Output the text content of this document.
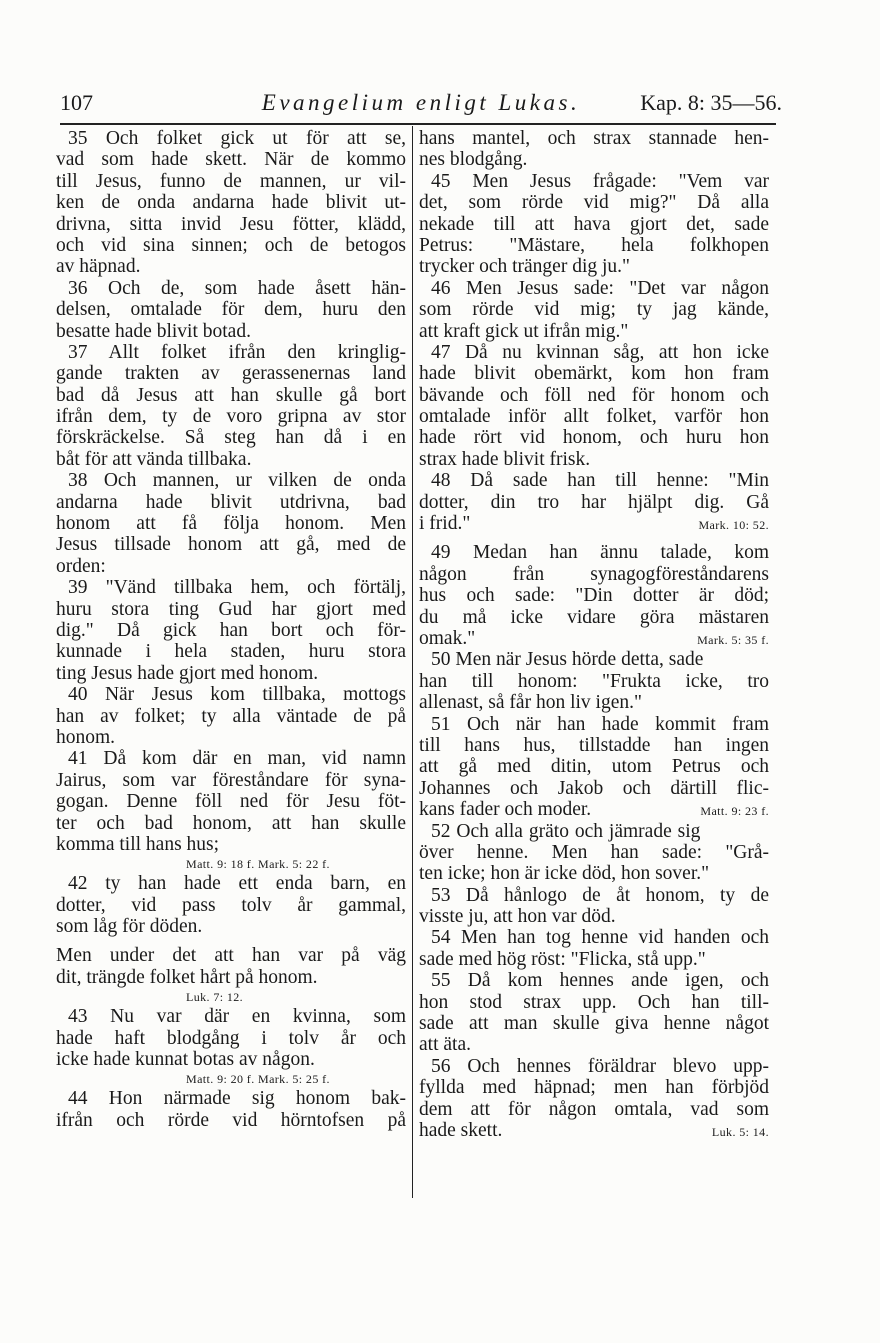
107	Evangelium enligt Lukas.	Kap. 8: 35—56.
35 Och folket gick ut för att se,
vad som hade skett. När de kommo
till Jesus, funno de mannen, ur vil-
ken de onda andarna hade blivit ut-
drivna, sitta invid Jesu fötter, klädd,
och vid sina sinnen; och de betogos
av häpnad.
36 Och de, som hade åsett hän-
delsen, omtalade för dem, huru den
besatte hade blivit botad.
37 Allt folket ifrån den kringlig-
gande trakten av gerassenernas land
bad då Jesus att han skulle gå bort
ifrån dem, ty de voro gripna av stor
förskräckelse. Så steg han då i en
båt för att vända tillbaka.
38 Och mannen, ur vilken de onda
andarna hade blivit utdrivna, bad
honom att få följa honom. Men
Jesus tillsade honom att gå, med de
orden:
39 "Vänd tillbaka hem, och förtälj,
huru stora ting Gud har gjort med
dig." Då gick han bort och för-
kunnade i hela staden, huru stora
ting Jesus hade gjort med honom.
40 När Jesus kom tillbaka, mottogs
han av folket; ty alla väntade de på
honom.
41 Då kom där en man, vid namn
Jairus, som var föreståndare för syna-
gogan. Denne föll ned för Jesu föt-
ter och bad honom, att han skulle
komma till hans hus;
Matt. 9: 18 f. Mark. 5: 22 f.
42 ty han hade ett enda barn, en
dotter, vid pass tolv år gammal,
som låg för döden.
Men under det att han var på väg
dit, trängde folket hårt på honom.
Luk. 7: 12.
43 Nu var där en kvinna, som
hade haft blodgång i tolv år och
icke hade kunnat botas av någon.
Matt. 9: 20 f. Mark. 5: 25 f.
44 Hon närmade sig honom bak-
ifrån och rörde vid hörntofsen på
hans mantel, och strax stannade hen-
nes blodgång.
45 Men Jesus frågade: "Vem var
det, som rörde vid mig?" Då alla
nekade till att hava gjort det, sade
Petrus: "Mästare, hela folkhopen
trycker och tränger dig ju."
46 Men Jesus sade: "Det var någon
som rörde vid mig; ty jag kände,
att kraft gick ut ifrån mig."
47 Då nu kvinnan såg, att hon icke
hade blivit obemärkt, kom hon fram
bävande och föll ned för honom och
omtalade inför allt folket, varför hon
hade rört vid honom, och huru hon
strax hade blivit frisk.
48 Då sade han till henne: "Min
dotter, din tro har hjälpt dig. Gå
i frid."	Mark. 10: 52.
49 Medan han ännu talade, kom
någon från synagogföreståndarens
hus och sade: "Din dotter är död;
du må icke vidare göra mästaren
omak."	Mark. 5: 35 f.
50 Men när Jesus hörde detta, sade
han till honom: "Frukta icke, tro
allenast, så får hon liv igen."
51 Och när han hade kommit fram
till hans hus, tillstadde han ingen
att gå med ditin, utom Petrus och
Johannes och Jakob och därtill flic-
kans fader och moder.	Matt. 9: 23 f.
52 Och alla gräto och jämrade sig
över henne. Men han sade: "Grå-
ten icke; hon är icke död, hon sover."
53 Då hånlogo de åt honom, ty de
visste ju, att hon var död.
54 Men han tog henne vid handen och
sade med hög röst: "Flicka, stå upp."
55 Då kom hennes ande igen, och
hon stod strax upp. Och han till-
sade att man skulle giva henne något
att äta.
56 Och hennes föräldrar blevo upp-
fyllda med häpnad; men han förbjöd
dem att för någon omtala, vad som
hade skett.	Luk. 5: 14.
